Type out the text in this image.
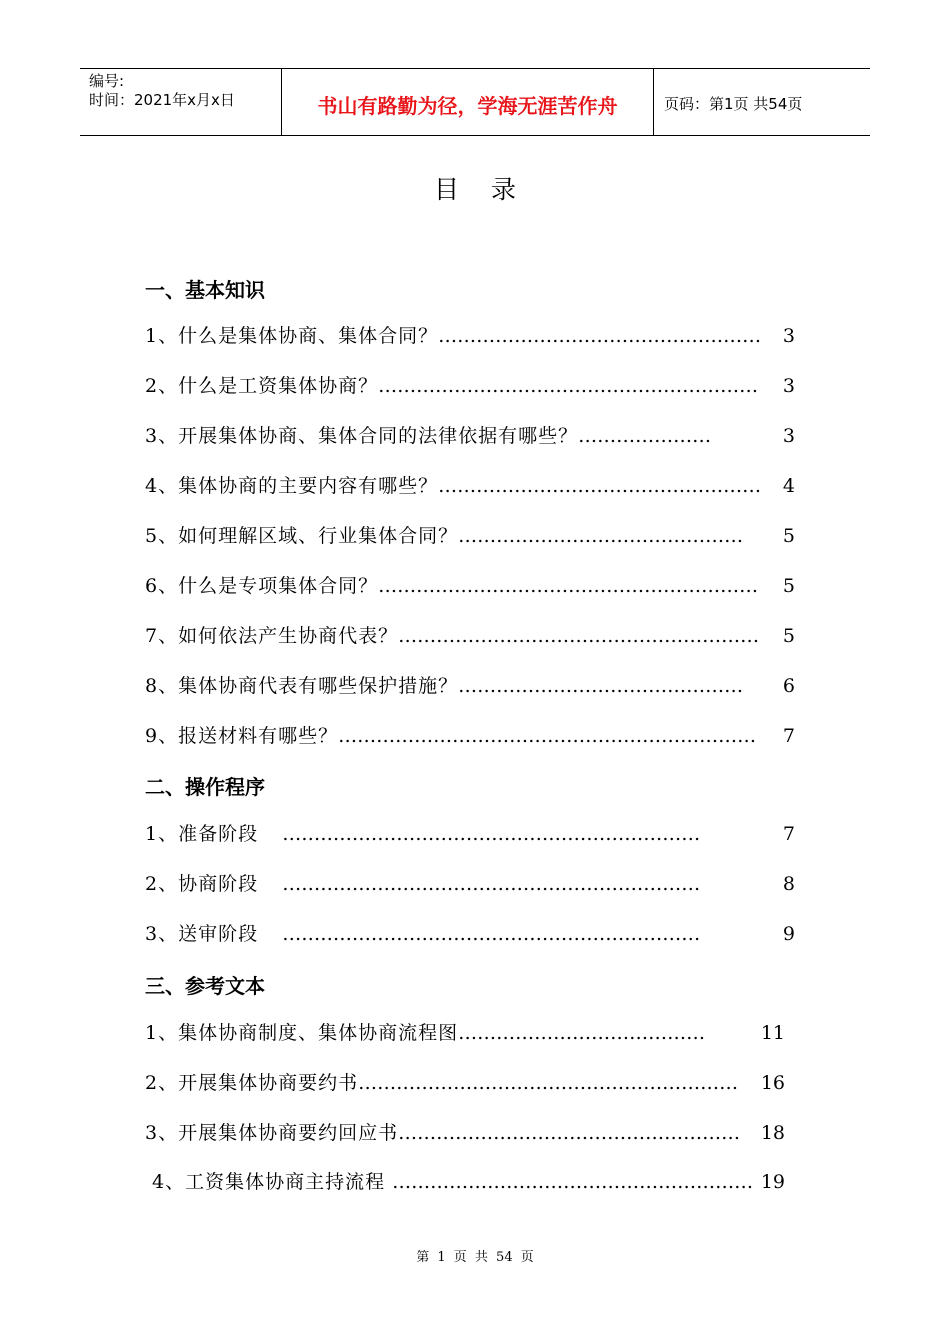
编号:
时间：2021年x月x日	书山有路勤为径，学海无涯苦作舟	页码：第1页 共54页
目录
一、基本知识
1、什么是集体协商、集体合同？…………………………………………… 3
2、什么是工资集体协商？…………………………………………………… 3
3、开展集体协商、集体合同的法律依据有哪些？…………………	3
4、集体协商的主要内容有哪些？…………………………………………… 4
5、如何理解区域、行业集体合同？……………………………………… 5
6、什么是专项集体合同？…………………………………………………… 5
7、如何依法产生协商代表？………………………………………………… 5
8、集体协商代表有哪些保护措施？……………………………………… 6
9、报送材料有哪些？………………………………………………………… 7
二、操作程序
1、准备阶段    …………………………………………………………	7
2、协商阶段    …………………………………………………………	8
3、送审阶段    …………………………………………………………	9
三、参考文本
1、集体协商制度、集体协商流程图…………………………………	11
2、开展集体协商要约书…………………………………………………… 16
3、开展集体协商要约回应书……………………………………………… 18
4、工资集体协商主持流程 ………………………………………………… 19
第 1 页 共 54 页
